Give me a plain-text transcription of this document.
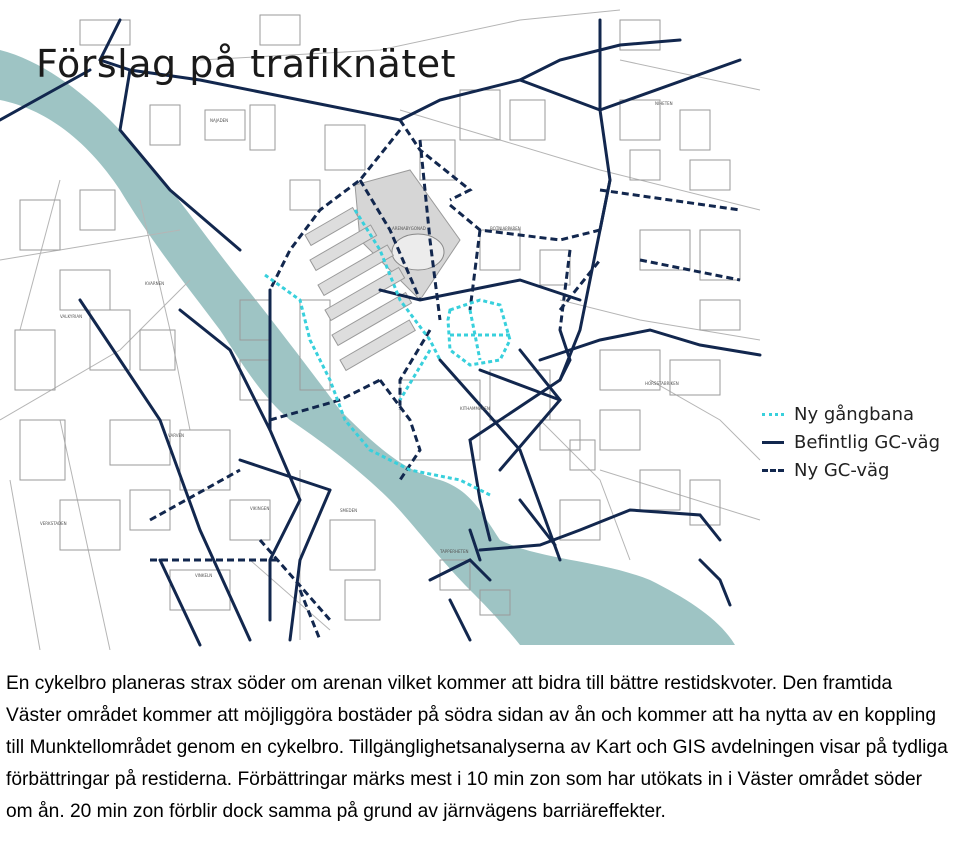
NAJADEN
KVARNEN
ARENABYGONAD	BOTNIAPPAREN
NIHETEN
HORSSTABRIKEN
KITHAMMAREN
VALKYRIAN
VARVEN
VIKINGEN
VERKSTADEN
VINKELN
TAPPERHETEN
SMEDEN
Förslag på trafiknätet
Ny gångbana
Befintlig GC-väg
Ny GC-väg

En cykelbro planeras strax söder om arenan vilket kommer att bidra till bättre restidskvoter. Den framtida Väster området kommer att möjliggöra bostäder på södra sidan av ån och kommer att ha nytta av en koppling till Munktellområdet genom en cykelbro. Tillgänglighetsanalyserna av Kart och GIS avdelningen visar på tydliga förbättringar på restiderna. Förbättringar märks mest i 10 min zon som har utökats in i Väster området söder om ån. 20 min zon förblir dock samma på grund av järnvägens barriäreffekter.
